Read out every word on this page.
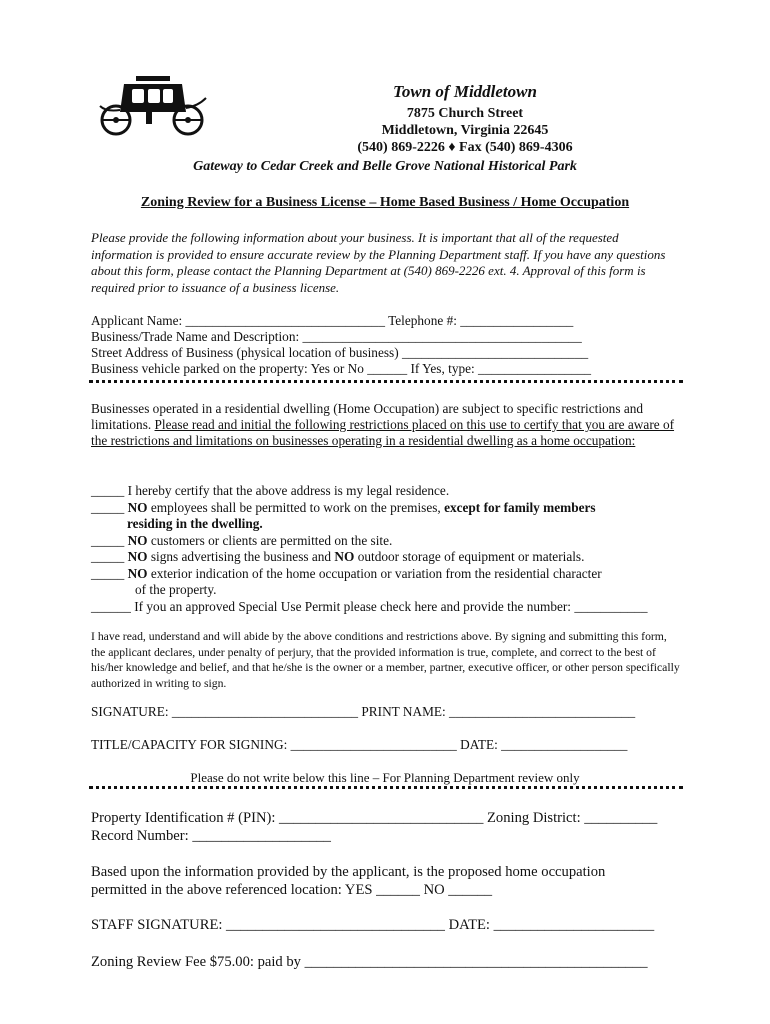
Town of Middletown
7875 Church Street
Middletown, Virginia 22645
(540) 869-2226 ♦ Fax (540) 869-4306
Gateway to Cedar Creek and Belle Grove National Historical Park
Zoning Review for a Business License – Home Based Business / Home Occupation
Please provide the following information about your business. It is important that all of the requested information is provided to ensure accurate review by the Planning Department staff. If you have any questions about this form, please contact the Planning Department at (540) 869-2226 ext. 4. Approval of this form is required prior to issuance of a business license.
Applicant Name: ______________________________ Telephone #: _________________
Business/Trade Name and Description: __________________________________________
Street Address of Business (physical location of business) ____________________________
Business vehicle parked on the property: Yes or No ______ If Yes, type: _________________
Businesses operated in a residential dwelling (Home Occupation) are subject to specific restrictions and limitations. Please read and initial the following restrictions placed on this use to certify that you are aware of the restrictions and limitations on businesses operating in a residential dwelling as a home occupation:
_____ I hereby certify that the above address is my legal residence.
_____ NO employees shall be permitted to work on the premises, except for family members
residing in the dwelling.
_____ NO customers or clients are permitted on the site.
_____ NO signs advertising the business and NO outdoor storage of equipment or materials.
_____ NO exterior indication of the home occupation or variation from the residential character
of the property.
______ If you an approved Special Use Permit please check here and provide the number: ___________
I have read, understand and will abide by the above conditions and restrictions above. By signing and submitting this form, the applicant declares, under penalty of perjury, that the provided information is true, complete, and correct to the best of his/her knowledge and belief, and that he/she is the owner or a member, partner, executive officer, or other person specifically authorized in writing to sign.
SIGNATURE: ____________________________ PRINT NAME: ____________________________
TITLE/CAPACITY FOR SIGNING: _________________________ DATE: ___________________
Please do not write below this line – For Planning Department review only
Property Identification # (PIN): ____________________________ Zoning District: __________
Record Number: ___________________
Based upon the information provided by the applicant, is the proposed home occupation
permitted in the above referenced location: YES ______ NO ______
STAFF SIGNATURE: ______________________________ DATE: ______________________
Zoning Review Fee $75.00: paid by _______________________________________________
